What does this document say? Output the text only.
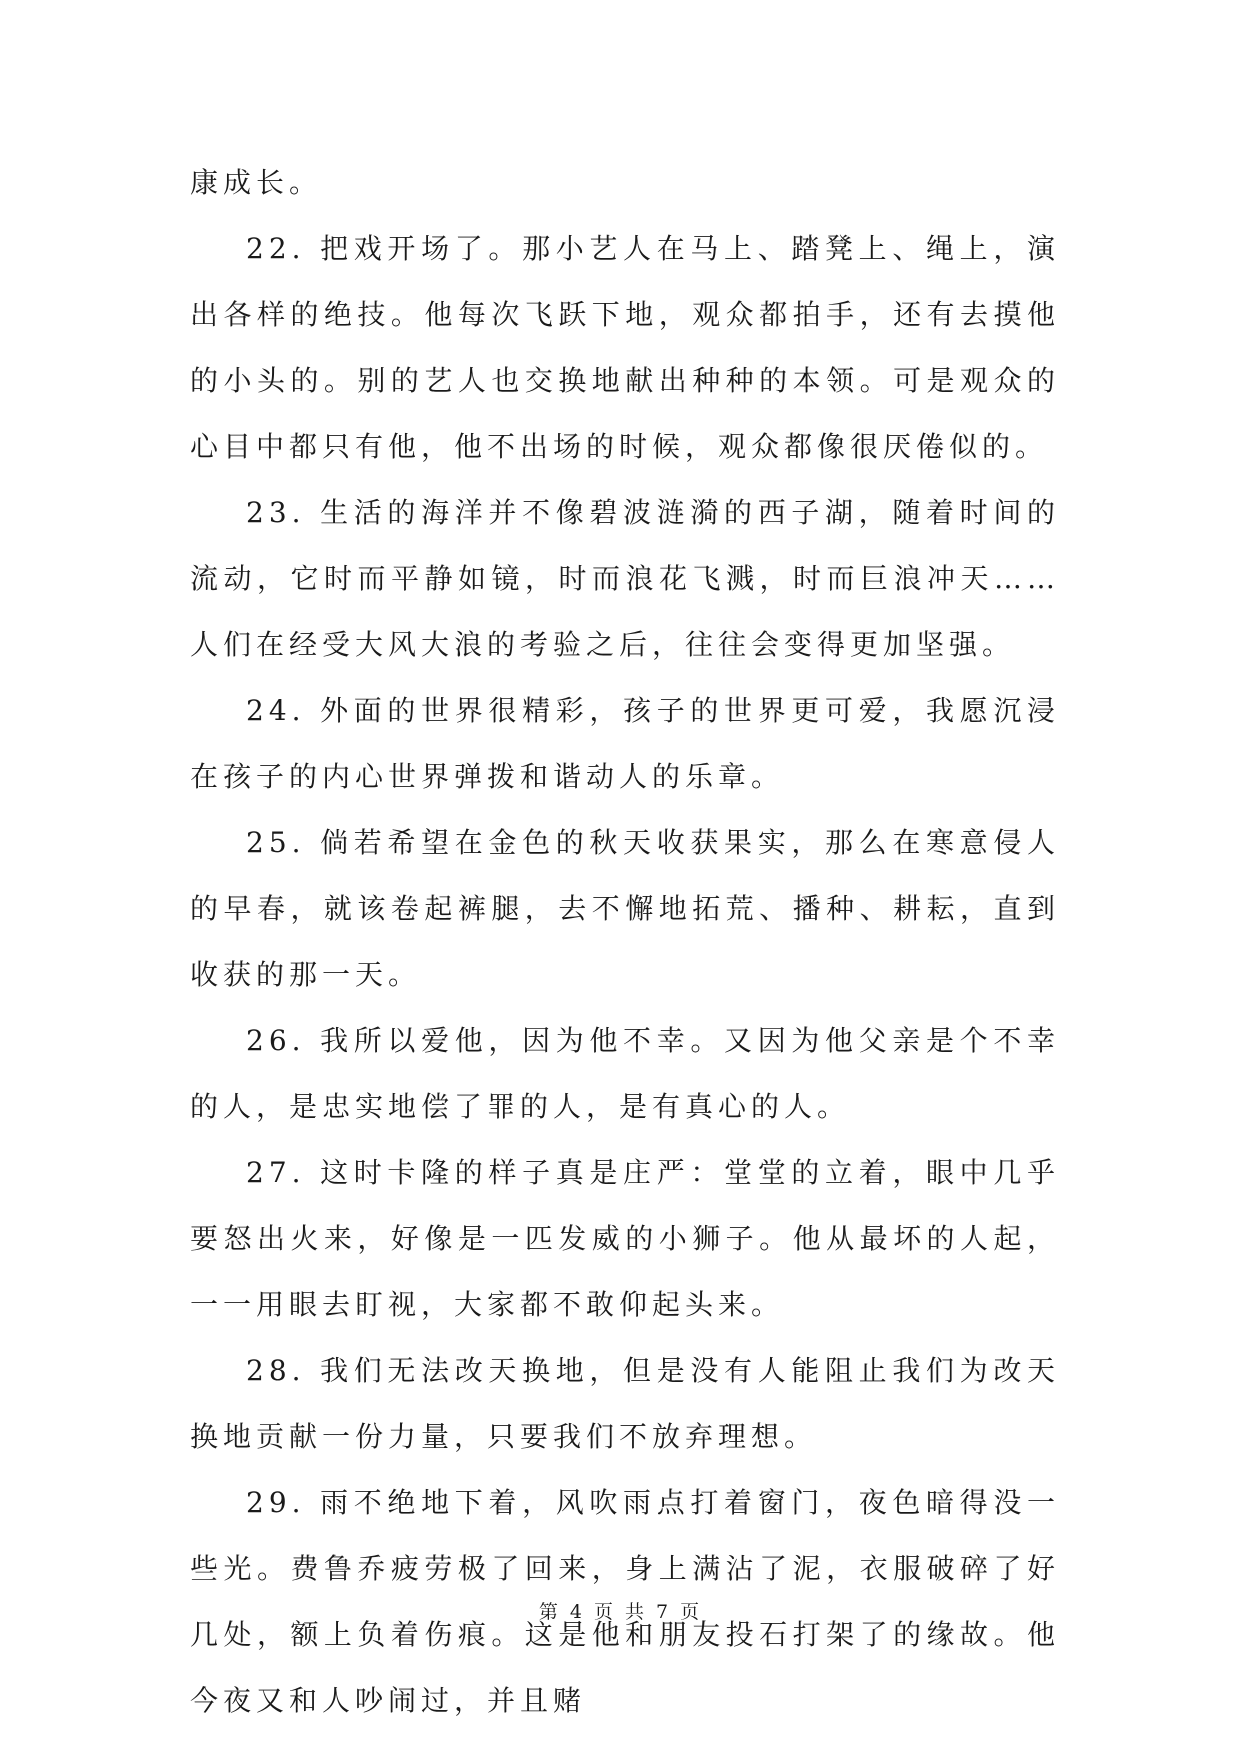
康成长。

22. 把戏开场了。那小艺人在马上、踏凳上、绳上，演出各样的绝技。他每次飞跃下地，观众都拍手，还有去摸他的小头的。别的艺人也交换地献出种种的本领。可是观众的心目中都只有他，他不出场的时候，观众都像很厌倦似的。

23. 生活的海洋并不像碧波涟漪的西子湖，随着时间的流动，它时而平静如镜，时而浪花飞溅，时而巨浪冲天……人们在经受大风大浪的考验之后，往往会变得更加坚强。

24. 外面的世界很精彩，孩子的世界更可爱，我愿沉浸在孩子的内心世界弹拨和谐动人的乐章。

25. 倘若希望在金色的秋天收获果实，那么在寒意侵人的早春，就该卷起裤腿，去不懈地拓荒、播种、耕耘，直到收获的那一天。

26. 我所以爱他，因为他不幸。又因为他父亲是个不幸的人，是忠实地偿了罪的人，是有真心的人。

27. 这时卡隆的样子真是庄严：堂堂的立着，眼中几乎要怒出火来，好像是一匹发威的小狮子。他从最坏的人起，一一用眼去盯视，大家都不敢仰起头来。

28. 我们无法改天换地，但是没有人能阻止我们为改天换地贡献一份力量，只要我们不放弃理想。

29. 雨不绝地下着，风吹雨点打着窗门，夜色暗得没一些光。费鲁乔疲劳极了回来，身上满沾了泥，衣服破碎了好几处，额上负着伤痕。这是他和朋友投石打架了的缘故。他今夜又和人吵闹过，并且赌

第 4 页 共 7 页
